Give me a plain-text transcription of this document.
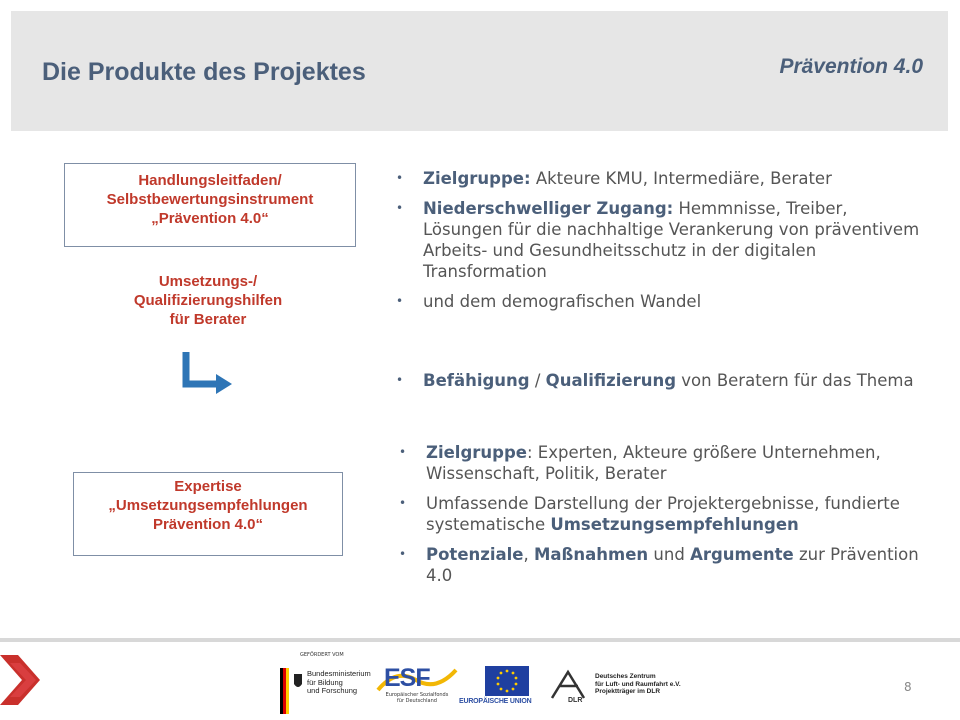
Die Produkte des Projektes	Prävention 4.0
Handlungsleitfaden/
Selbstbewertungsinstrument
„Prävention 4.0“
Umsetzungs-/
Qualifizierungshilfen
für Berater
Expertise
„Umsetzungsempfehlungen
Prävention 4.0“
• Zielgruppe: Akteure KMU, Intermediäre, Berater
• Niederschwelliger Zugang: Hemmnisse, Treiber, Lösungen für die nachhaltige Verankerung von präventivem Arbeits- und Gesundheitsschutz in der digitalen Transformation
• und dem demografischen Wandel
• Befähigung / Qualifizierung von Beratern für das Thema
• Zielgruppe: Experten, Akteure größere Unternehmen, Wissenschaft, Politik, Berater
• Umfassende Darstellung der Projektergebnisse, fundierte systematische Umsetzungsempfehlungen
• Potenziale, Maßnahmen und Argumente zur Prävention 4.0
GEFÖRDERT VOM
Bundesministerium
für Bildung
und Forschung	ESF
Europäischer Sozialfonds
für Deutschland	EUROPÄISCHE UNION	DLR
Deutsches Zentrum
für Luft- und Raumfahrt e.V.
Projektträger im DLR	8
